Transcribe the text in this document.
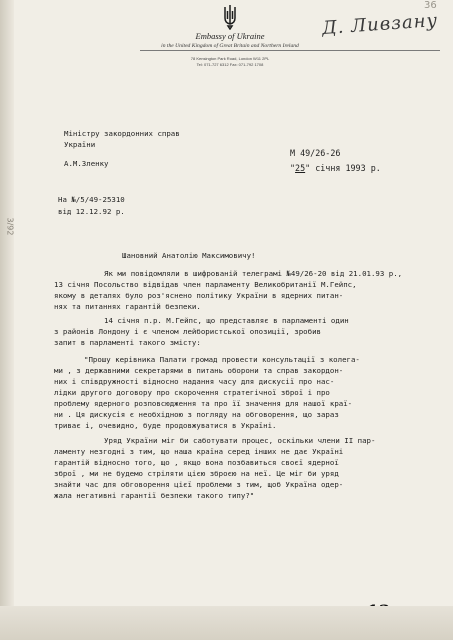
Embassy of Ukraine
in the United Kingdom of Great Britain and Northern Ireland
78 Kensington Park Road, London W11 2PL
Tel: 071-727 6312 Fax: 071-792 1708
Д. Ливзану
36
3/92
Міністру закордонних справ
України
А.М.Зленку
М 49/26-26
"25" січня 1993 р.
На №/5/49-25310
від 12.12.92 р.
Шановний Анатолію Максимовичу!
Як ми повідомляли в шифрованій телеграмі №49/26-20 від 21.01.93 р.,
13 січня Посольство відвідав член парламенту Великобританії М.Гейпс,
якому в деталях було роз'яснено політику України в ядерних питан-
нях та питаннях гарантій безпеки.
14 січня п.р. М.Гейпс, що представляє в парламенті один
з районів Лондону і є членом лейбористської опозиції, зробив
запит в парламенті такого змісту:
"Прошу керівника Палати громад провести консультації з колега-
ми , з державними секретарями в питань оборони та справ закордон-
них і співдружності відносно надання часу для дискусії про нас-
лідки другого договору про скорочення стратегічної зброї і про
проблему ядерного розповсюдження та про її значення для нашої краї-
ни . Ця дискусія є необхідною з погляду на обговорення, що зараз
триває і, очевидно, буде продовжуватися в Україні.
Уряд України міг би саботувати процес, оскільки члени ІІ пар-
ламенту незгодні з тим, що наша країна серед інших не дає Україні
гарантій відносно того, що , якщо вона позбавиться своєї ядерної
зброї , ми не будемо стріляти цією зброєю на неї. Це міг би уряд
знайти час для обговорення цієї проблеми з тим, щоб Україна одер-
жала негативні гарантії безпеки такого типу?"
